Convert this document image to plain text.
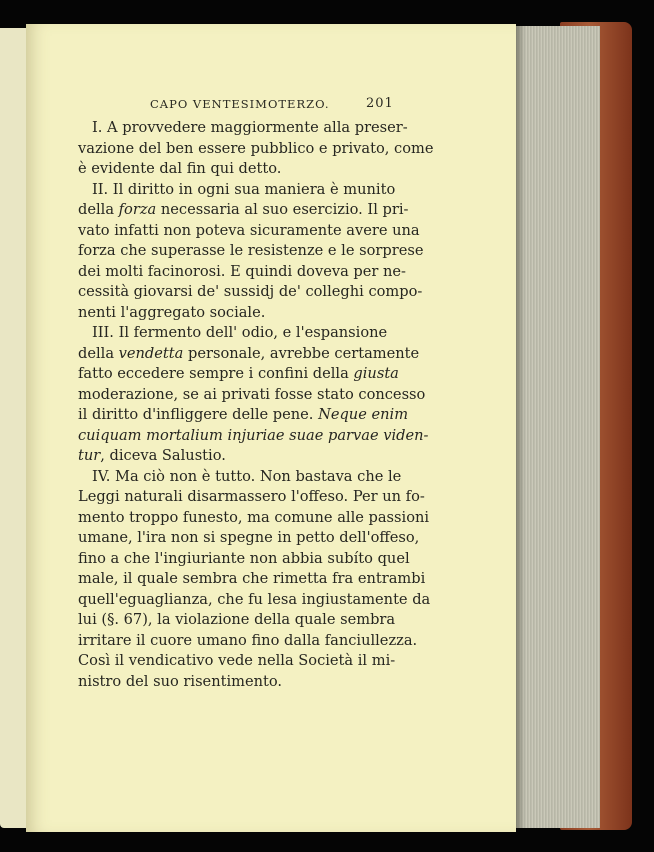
CAPO VENTESIMOTERZO.	201
I. A provvedere maggiormente alla preser-
vazione del ben essere pubblico e privato, come
è evidente dal fin qui detto.
II. Il diritto in ogni sua maniera è munito
della forza necessaria al suo esercizio. Il pri-
vato infatti non poteva sicuramente avere una
forza che superasse le resistenze e le sorprese
dei molti facinorosi. E quindi doveva per ne-
cessità giovarsi de' sussidj de' colleghi compo-
nenti l'aggregato sociale.
III. Il fermento dell' odio, e l'espansione
della vendetta personale, avrebbe certamente
fatto eccedere sempre i confini della giusta
moderazione, se ai privati fosse stato concesso
il diritto d'infliggere delle pene. Neque enim
cuiquam mortalium injuriae suae parvae viden-
tur, diceva Salustio.
IV. Ma ciò non è tutto. Non bastava che le
Leggi naturali disarmassero l'offeso. Per un fo-
mento troppo funesto, ma comune alle passioni
umane, l'ira non si spegne in petto dell'offeso,
fino a che l'ingiuriante non abbia subíto quel
male, il quale sembra che rimetta fra entrambi
quell'eguaglianza, che fu lesa ingiustamente da
lui (§. 67), la violazione della quale sembra
irritare il cuore umano fino dalla fanciullezza.
Così il vendicativo vede nella Società il mi-
nistro del suo risentimento.
